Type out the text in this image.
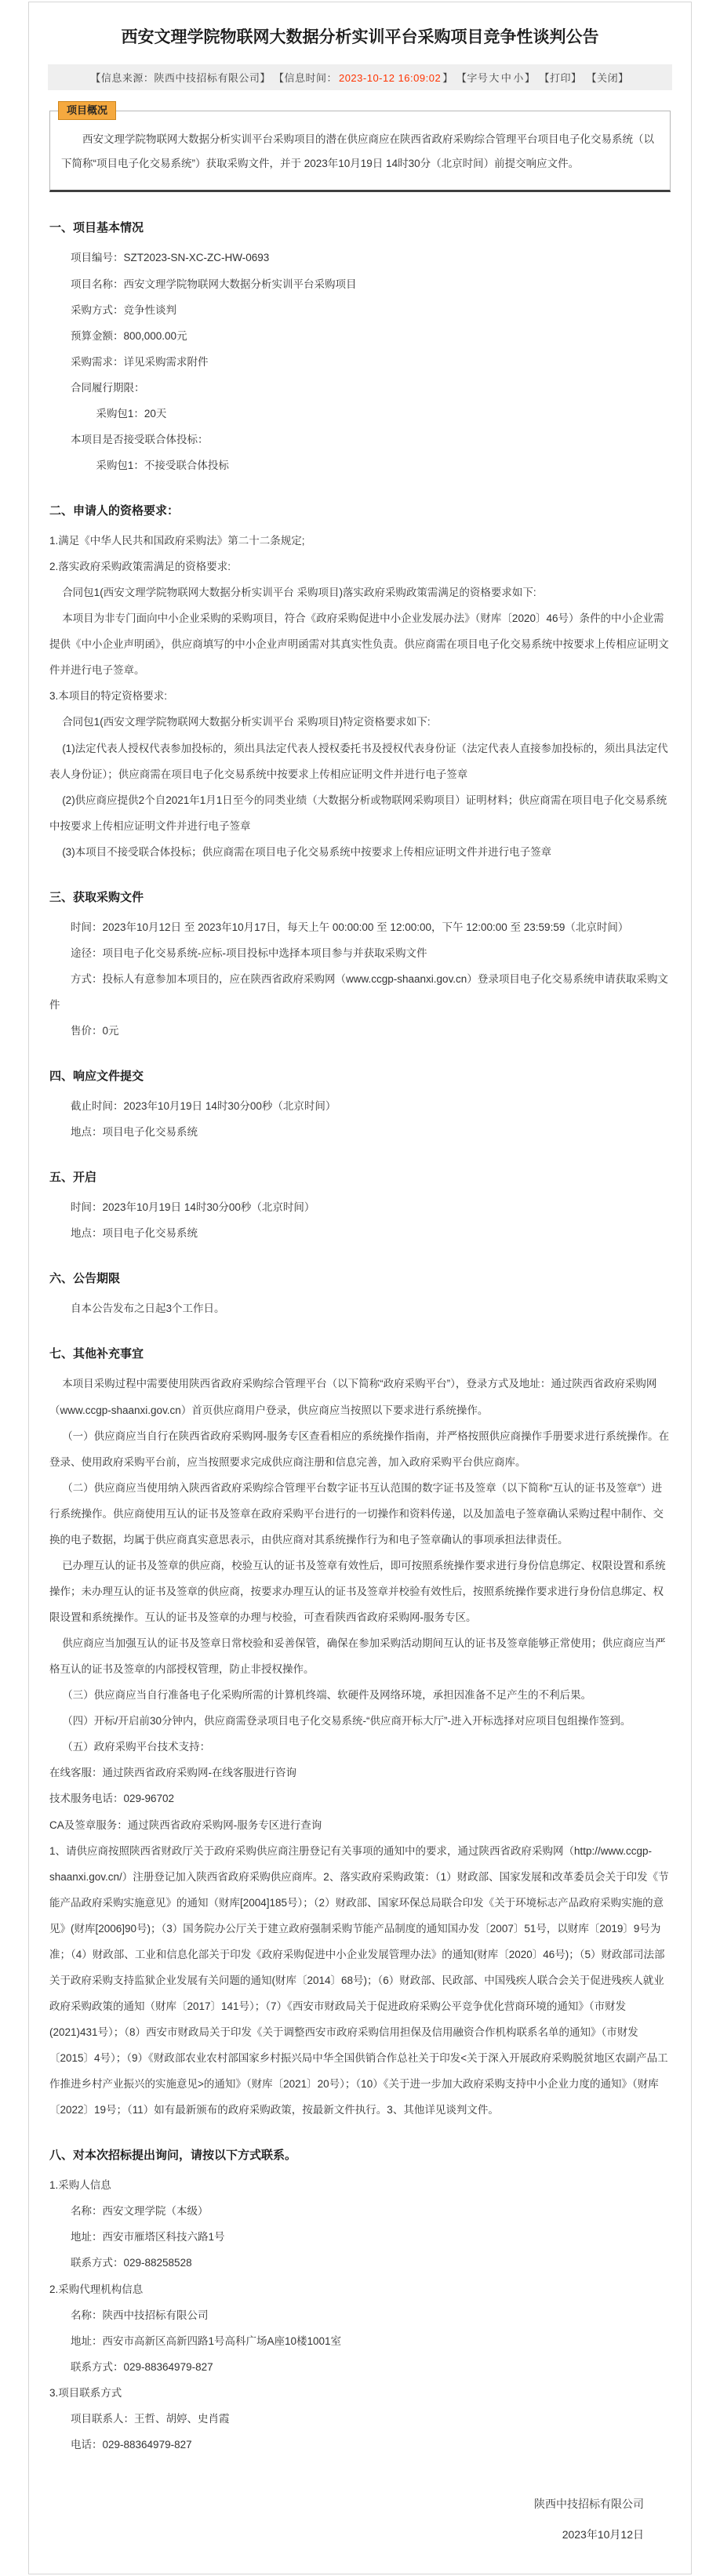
西安文理学院物联网大数据分析实训平台采购项目竞争性谈判公告
【信息来源：陕西中技招标有限公司】 【信息时间： 2023-10-12 16:09:02 】 【字号大 中 小】 【打印】 【关闭】
项目概况

西安文理学院物联网大数据分析实训平台采购项目的潜在供应商应在陕西省政府采购综合管理平台项目电子化交易系统（以下简称“项目电子化交易系统”）获取采购文件，并于 2023年10月19日 14时30分（北京时间）前提交响应文件。

一、项目基本情况

项目编号：SZT2023-SN-XC-ZC-HW-0693

项目名称：西安文理学院物联网大数据分析实训平台采购项目

采购方式：竞争性谈判

预算金额：800,000.00元

采购需求：详见采购需求附件

合同履行期限：

采购包1：20天

本项目是否接受联合体投标：

采购包1：不接受联合体投标

二、申请人的资格要求：

1.满足《中华人民共和国政府采购法》第二十二条规定;

2.落实政府采购政策需满足的资格要求:

合同包1(西安文理学院物联网大数据分析实训平台 采购项目)落实政府采购政策需满足的资格要求如下:

本项目为非专门面向中小企业采购的采购项目，符合《政府采购促进中小企业发展办法》（财库〔2020〕46号）条件的中小企业需提供《中小企业声明函》，供应商填写的中小企业声明函需对其真实性负责。供应商需在项目电子化交易系统中按要求上传相应证明文件并进行电子签章。

3.本项目的特定资格要求:

合同包1(西安文理学院物联网大数据分析实训平台 采购项目)特定资格要求如下:

(1)法定代表人授权代表参加投标的，须出具法定代表人授权委托书及授权代表身份证（法定代表人直接参加投标的，须出具法定代表人身份证）；供应商需在项目电子化交易系统中按要求上传相应证明文件并进行电子签章

(2)供应商应提供2个自2021年1月1日至今的同类业绩（大数据分析或物联网采购项目）证明材料；供应商需在项目电子化交易系统中按要求上传相应证明文件并进行电子签章

(3)本项目不接受联合体投标；供应商需在项目电子化交易系统中按要求上传相应证明文件并进行电子签章

三、获取采购文件

时间：2023年10月12日 至 2023年10月17日，每天上午 00:00:00 至 12:00:00，下午 12:00:00 至 23:59:59（北京时间）

途径：项目电子化交易系统-应标-项目投标中选择本项目参与并获取采购文件

方式：投标人有意参加本项目的，应在陕西省政府采购网（www.ccgp-shaanxi.gov.cn）登录项目电子化交易系统申请获取采购文件

售价：0元

四、响应文件提交

截止时间：2023年10月19日 14时30分00秒（北京时间）

地点：项目电子化交易系统

五、开启

时间：2023年10月19日 14时30分00秒（北京时间）

地点：项目电子化交易系统

六、公告期限

自本公告发布之日起3个工作日。

七、其他补充事宜

本项目采购过程中需要使用陕西省政府采购综合管理平台（以下简称“政府采购平台”），登录方式及地址：通过陕西省政府采购网（www.ccgp-shaanxi.gov.cn）首页供应商用户登录，供应商应当按照以下要求进行系统操作。

（一）供应商应当自行在陕西省政府采购网-服务专区查看相应的系统操作指南，并严格按照供应商操作手册要求进行系统操作。在登录、使用政府采购平台前，应当按照要求完成供应商注册和信息完善，加入政府采购平台供应商库。

（二）供应商应当使用纳入陕西省政府采购综合管理平台数字证书互认范围的数字证书及签章（以下简称“互认的证书及签章”）进行系统操作。供应商使用互认的证书及签章在政府采购平台进行的一切操作和资料传递，以及加盖电子签章确认采购过程中制作、交换的电子数据，均属于供应商真实意思表示，由供应商对其系统操作行为和电子签章确认的事项承担法律责任。

已办理互认的证书及签章的供应商，校验互认的证书及签章有效性后，即可按照系统操作要求进行身份信息绑定、权限设置和系统操作；未办理互认的证书及签章的供应商，按要求办理互认的证书及签章并校验有效性后，按照系统操作要求进行身份信息绑定、权限设置和系统操作。互认的证书及签章的办理与校验，可查看陕西省政府采购网-服务专区。

供应商应当加强互认的证书及签章日常校验和妥善保管，确保在参加采购活动期间互认的证书及签章能够正常使用；供应商应当严格互认的证书及签章的内部授权管理，防止非授权操作。

（三）供应商应当自行准备电子化采购所需的计算机终端、软硬件及网络环境，承担因准备不足产生的不利后果。

（四）开标/开启前30分钟内，供应商需登录项目电子化交易系统-“供应商开标大厅”-进入开标选择对应项目包组操作签到。

（五）政府采购平台技术支持：

在线客服：通过陕西省政府采购网-在线客服进行咨询

技术服务电话：029-96702

CA及签章服务：通过陕西省政府采购网-服务专区进行查询

1、请供应商按照陕西省财政厅关于政府采购供应商注册登记有关事项的通知中的要求，通过陕西省政府采购网（http://www.ccgp-shaanxi.gov.cn/）注册登记加入陕西省政府采购供应商库。2、落实政府采购政策：（1）财政部、国家发展和改革委员会关于印发《节能产品政府采购实施意见》的通知（财库[2004]185号）；（2）财政部、国家环保总局联合印发《关于环境标志产品政府采购实施的意见》(财库[2006]90号)；（3）国务院办公厅关于建立政府强制采购节能产品制度的通知国办发〔2007〕51号，以财库〔2019〕9号为准；（4）财政部、工业和信息化部关于印发《政府采购促进中小企业发展管理办法》的通知(财库〔2020〕46号)；（5）财政部司法部关于政府采购支持监狱企业发展有关问题的通知(财库〔2014〕68号)；（6）财政部、民政部、中国残疾人联合会关于促进残疾人就业政府采购政策的通知（财库〔2017〕141号）；（7）《西安市财政局关于促进政府采购公平竞争优化营商环境的通知》（市财发(2021)431号）；（8）西安市财政局关于印发《关于调整西安市政府采购信用担保及信用融资合作机构联系名单的通知》（市财发〔2015〕4号）；（9）《财政部农业农村部国家乡村振兴局中华全国供销合作总社关于印发<关于深入开展政府采购脱贫地区农副产品工作推进乡村产业振兴的实施意见>的通知》（财库〔2021〕20号）；（10）《关于进一步加大政府采购支持中小企业力度的通知》（财库〔2022〕19号；（11）如有最新颁布的政府采购政策，按最新文件执行。3、其他详见谈判文件。

八、对本次招标提出询问，请按以下方式联系。

1.采购人信息

名称：西安文理学院（本级）

地址：西安市雁塔区科技六路1号

联系方式：029-88258528

2.采购代理机构信息

名称：陕西中技招标有限公司

地址：西安市高新区高新四路1号高科广场A座10楼1001室

联系方式：029-88364979-827

3.项目联系方式

项目联系人：王哲、胡婷、史肖霞

电话：029-88364979-827

陕西中技招标有限公司
2023年10月12日
